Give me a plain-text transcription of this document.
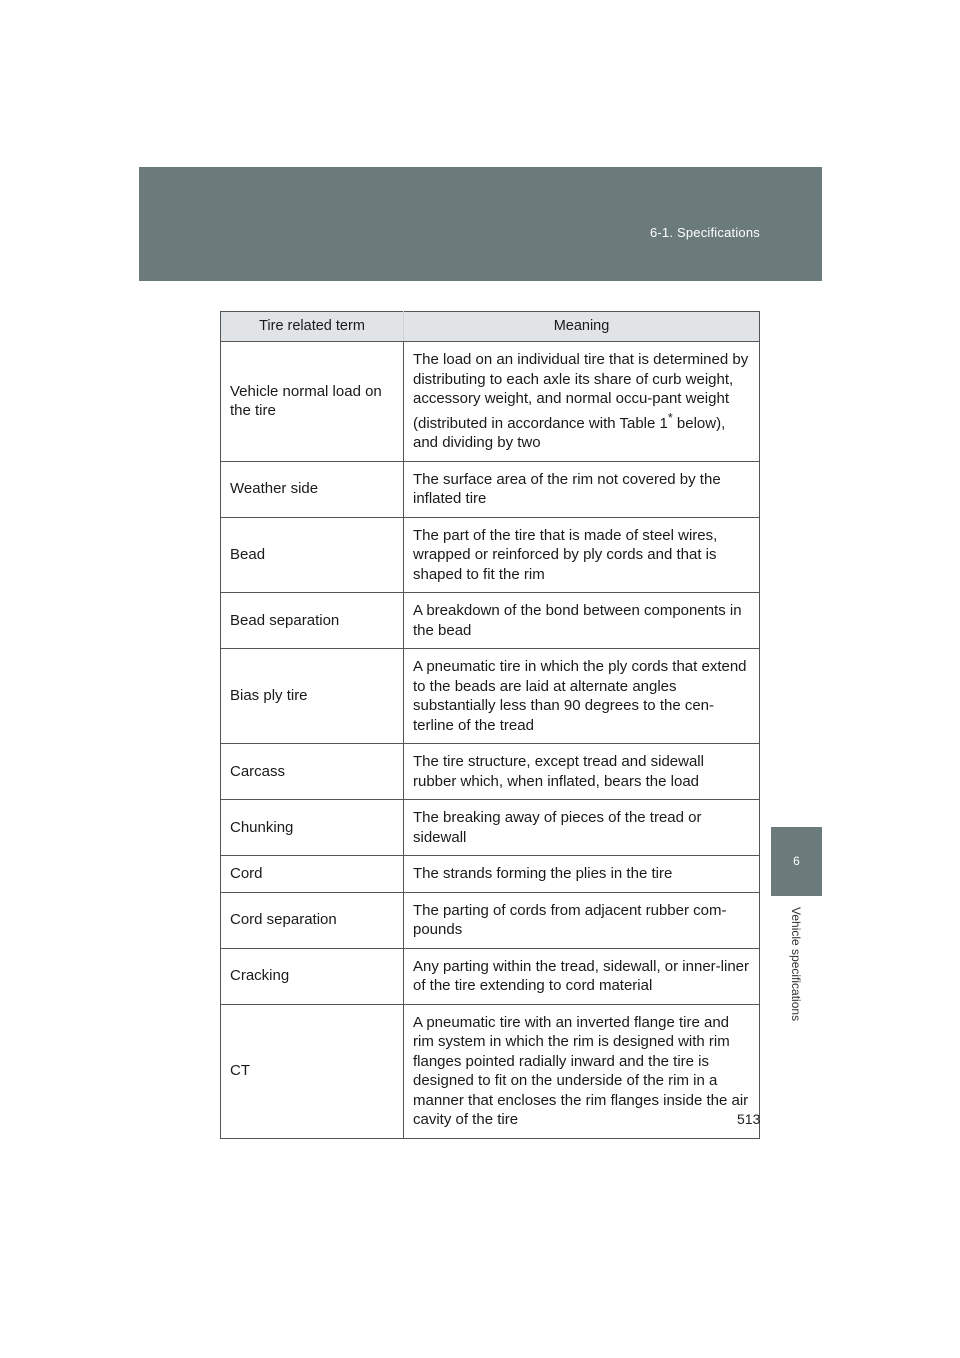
6-1. Specifications
6
Vehicle specifications
Tire related term	Meaning
Vehicle normal load on the tire	The load on an individual tire that is determined by distributing to each axle its share of curb weight, accessory weight, and normal occu-pant weight (distributed in accordance with Table 1* below), and dividing by two
Weather side	The surface area of the rim not covered by the inflated tire
Bead	The part of the tire that is made of steel wires, wrapped or reinforced by ply cords and that is shaped to fit the rim
Bead separation	A breakdown of the bond between components in the bead
Bias ply tire	A pneumatic tire in which the ply cords that extend to the beads are laid at alternate angles substantially less than 90 degrees to the cen-terline of the tread
Carcass	The tire structure, except tread and sidewall rubber which, when inflated, bears the load
Chunking	The breaking away of pieces of the tread or sidewall
Cord	The strands forming the plies in the tire
Cord separation	The parting of cords from adjacent rubber com-pounds
Cracking	Any parting within the tread, sidewall, or inner-liner of the tire extending to cord material
CT	A pneumatic tire with an inverted flange tire and rim system in which the rim is designed with rim flanges pointed radially inward and the tire is designed to fit on the underside of the rim in a manner that encloses the rim flanges inside the air cavity of the tire	513
